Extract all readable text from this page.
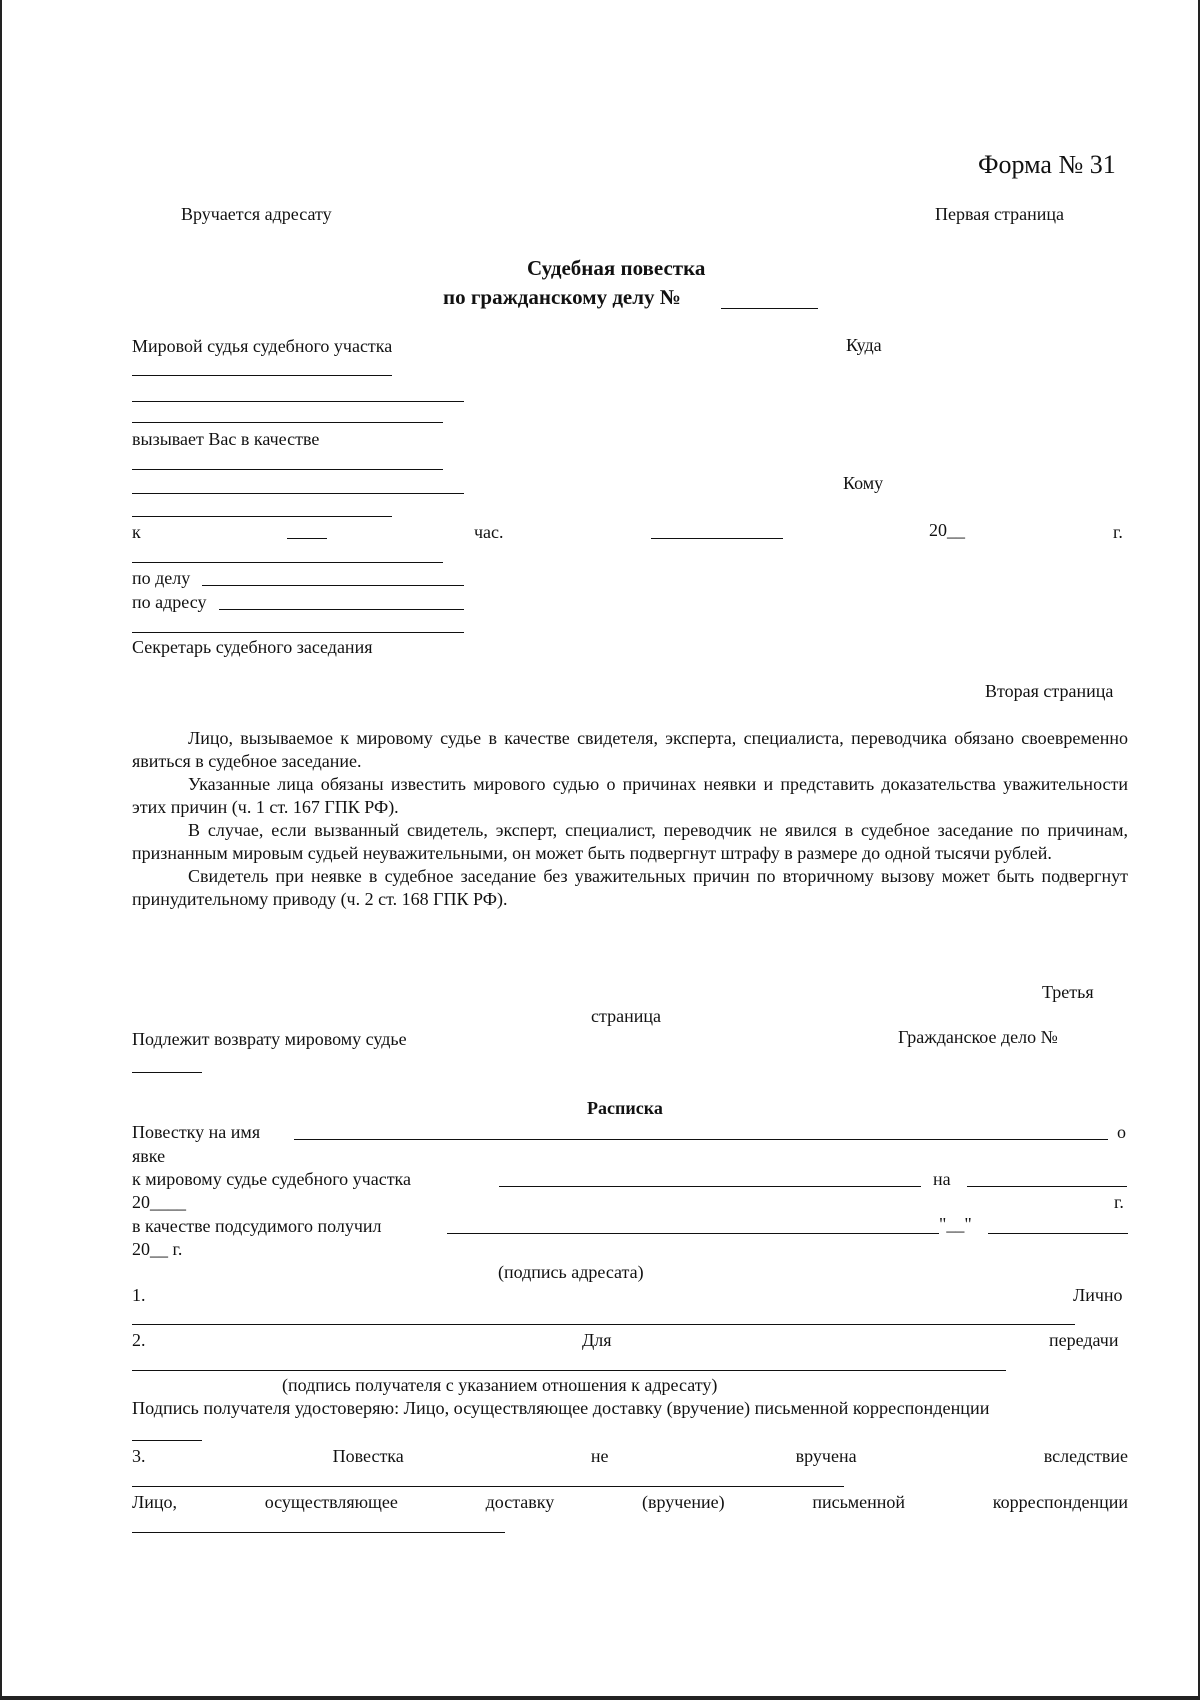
Форма № 31
Вручается адресату	Первая страница
Судебная повестка
по гражданскому делу №
Мировой судья судебного участка	Куда
вызывает Вас в качестве
Кому
к	час.	20__	г.
по делу
по адресу
Секретарь судебного заседания
Вторая страница

Лицо, вызываемое к мировому судье в качестве свидетеля, эксперта, специалиста, переводчика обязано своевременно явиться в судебное заседание.

Указанные лица обязаны известить мирового судью о причинах неявки и представить доказательства уважительности этих причин (ч. 1 ст. 167 ГПК РФ).

В случае, если вызванный свидетель, эксперт, специалист, переводчик не явился в судебное заседание по причинам, признанным мировым судьей неуважительными, он может быть подвергнут штрафу в размере до одной тысячи рублей.

Свидетель при неявке в судебное заседание без уважительных причин по вторичному вызову может быть подвергнут принудительному приводу (ч. 2 ст. 168 ГПК РФ).

Третья
страница
Подлежит возврату мировому судье	Гражданское дело №
Расписка
Повестку на имя	о
явке
к мировому судье судебного участка	на
20____	г.
в качестве подсудимого получил	"__"
20__ г.
(подпись адресата)
1.	Лично
2.	Для	передачи
(подпись получателя с указанием отношения к адресату)
Подпись получателя удостоверяю: Лицо, осуществляющее доставку (вручение) письменной корреспонденции
3.	Повестка	не	вручена	вследствие
Лицо,	осуществляющее	доставку	(вручение)	письменной	корреспонденции
